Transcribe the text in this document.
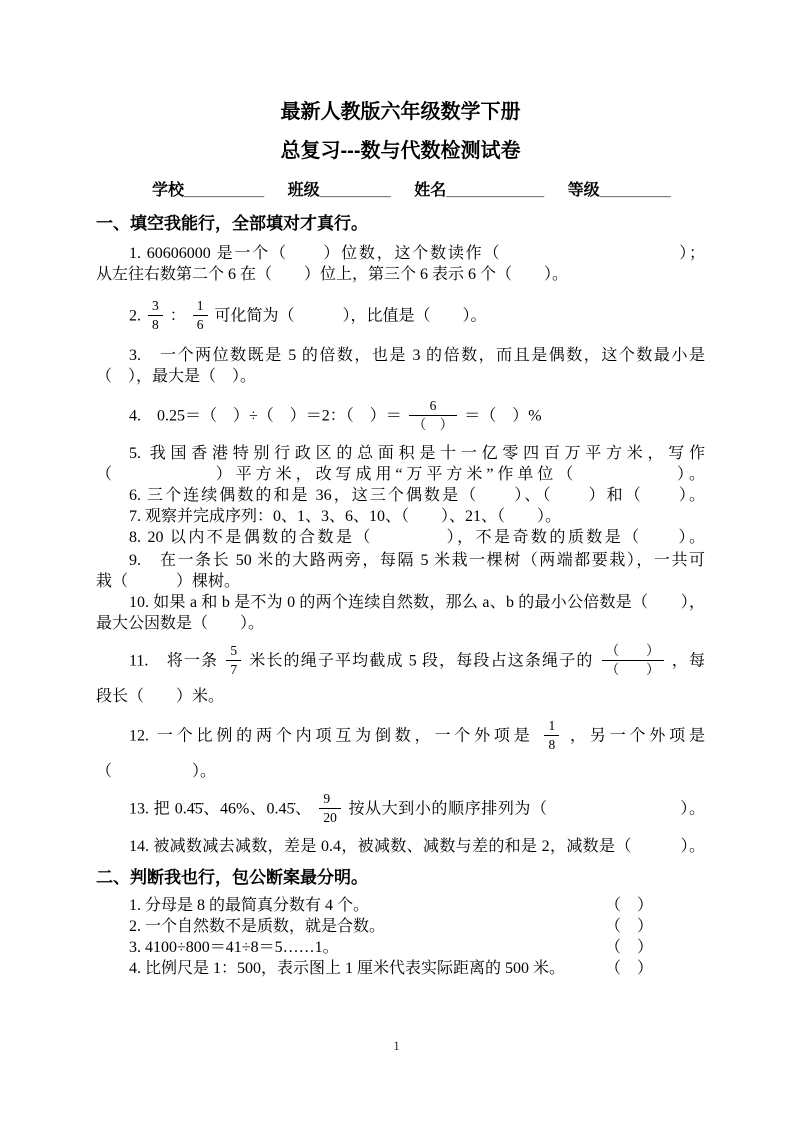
最新人教版六年级数学下册
总复习---数与代数检测试卷
学校_________ 班级________ 姓名___________ 等级________
一、填空我能行，全部填对才真行。
1. 60606000 是一个（　　）位数，这个数读作（　　　　　　　　　　）；
从左往右数第二个 6 在（　　）位上，第三个 6 表示 6 个（　　）。
2. $\frac{3}{8}$ ： $\frac{1}{6}$ 可化简为（　　　），比值是（　　）。
3.　一个两位数既是 5 的倍数，也是 3 的倍数，而且是偶数，这个数最小是
（　），最大是（　）。
4.　0.25＝（　）÷（　）＝2：（　）＝ $\frac{6}{( )}$ ＝（　）%
5. 我国香港特别行政区的总面积是十一亿零四百万平方米，写作
（　　　　　）平方米，改写成用“万平方米”作单位（　　　　　）。
6. 三个连续偶数的和是 36，这三个偶数是（　　）、（　　）和（　　）。
7. 观察并完成序列：0、1、3、6、10、（　　）、21、（　　）。
8. 20 以内不是偶数的合数是（　　　　），不是奇数的质数是（　　）。
9.　在一条长 50 米的大路两旁，每隔 5 米栽一棵树（两端都要栽），一共可
栽（　　　）棵树。
10. 如果 a 和 b 是不为 0 的两个连续自然数，那么 a、b 的最小公倍数是（　　），
最大公因数是（　　）。
11.　将一条 $\frac{5}{7}$ 米长的绳子平均截成 5 段，每段占这条绳子的 $\frac{( )}{( )}$ ，每
段长（　　）米。
12. 一个比例的两个内项互为倒数，一个外项是 $\frac{1}{8}$ ，另一个外项是
（　　　　　）。
13. 把 0.4̇5̇、46%、0.45̇、 $\frac{9}{20}$ 按从大到小的顺序排列为（　　　　　　　　）。
14. 被减数减去减数，差是 0.4，被减数、减数与差的和是 2，减数是（　　　）。
二、判断我也行，包公断案最分明。
1. 分母是 8 的最简真分数有 4 个。	（　）
2. 一个自然数不是质数，就是合数。	（　）
3. 4100÷800＝41÷8＝5……1。	（　）
4. 比例尺是 1：500，表示图上 1 厘米代表实际距离的 500 米。 （　）
1
